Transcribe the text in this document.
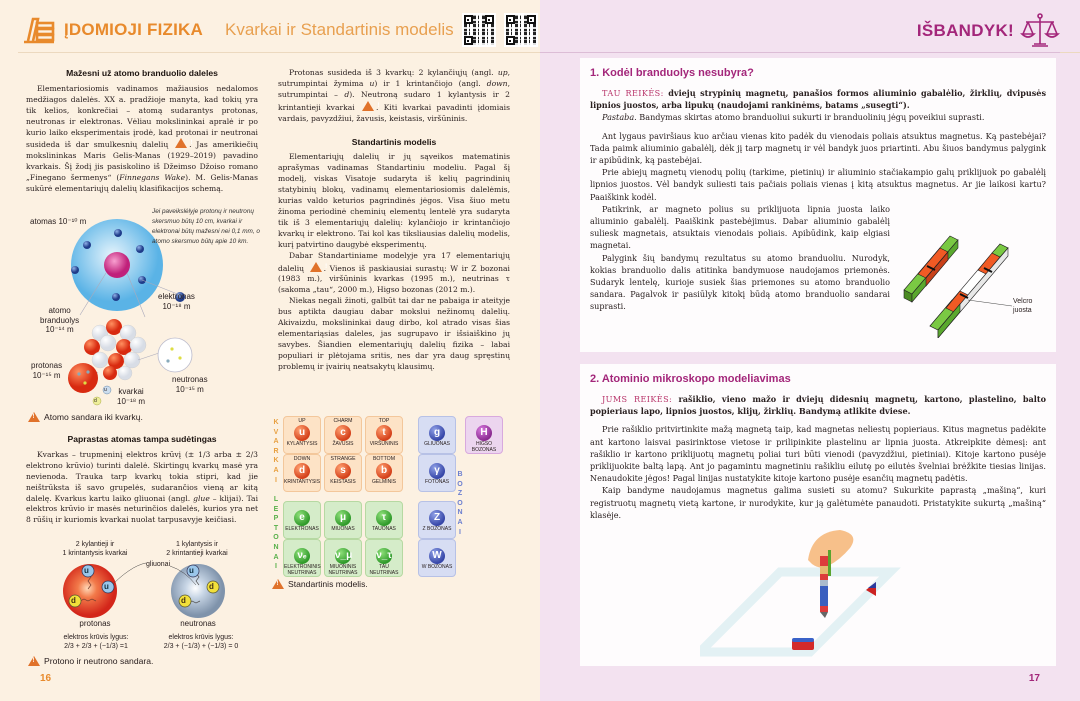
ĮDOMIOJI FIZIKA Kvarkai ir Standartinis modelis	IŠBANDYK!
Mažesni už atomo branduolio daleles

Elementariosiomis vadinamos mažiausios nedalomos medžiagos dalelės. XX a. pradžioje manyta, kad tokių yra tik kelios, konkrečiai – atomą sudarantys protonas, neutronas ir elektronas. Vėliau mokslininkai apralė ir po kurio laiko eksperimentais įrodė, kad protonai ir neutronai susideda iš dar smulkesnių dalelių !	. Jas amerikiečių mokslininkas Maris Gelis-Manas (1929–2019) pavadino kvarkais. Šį žodį jis pasiskolino iš Džeimso Džoiso romano „Finegano šermenys“ (Finnegans Wake). M. Gelis-Manas sukūrė elementariųjų dalelių klasifikacijos schemą.

Jei paveikslėlyje protonų ir neutronų skersmuo būtų 10 cm, kvarkai ir elektronai būtų mažesni nei 0,1 mm, o atomo skersmuo būtų apie 10 km.
atomas 10⁻¹⁰ m
elektronas
10⁻¹⁸ m
atomo
branduolys
10⁻¹⁴ m
protonas
10⁻¹⁵ m	neutronas
10⁻¹⁵ m
kvarkai
10⁻¹⁸ m
u
d
!
Atomo sandara iki kvarkų.
Paprastas atomas tampa sudėtingas

Kvarkas – trupmeninį elektros krūvį (± 1/3 arba ± 2/3 elektrono krūvio) turinti dalelė. Skirtingų kvarkų masė yra nevienoda. Trauka tarp kvarkų tokia stipri, kad jie neištrūksta iš savo grupelės, sudarančios vieną ar kitą dalelę. Kvarkus kartu laiko gliuonai (angl. glue – klijai). Tai elektros krūvio ir masės neturinčios dalelės, kurios yra net 8 rūšių ir kuriomis kvarkai nuolat tarpusavyje keičiasi.

2 kylantieji ir
1 krintantysis kvarkai
1 kylantysis ir
2 krintantieji kvarkai
u
u
d
u
d
d
gliuonai
protonas	neutronas
elektros krūvis lygus:
2/3 + 2/3 + (−1/3) =1
elektros krūvis lygus:
2/3 + (−1/3) + (−1/3) = 0
!
Protono ir neutrono sandara.
16

Protonas susideda iš 3 kvarkų: 2 kylančiųjų (angl. up, sutrumpintai žymima u) ir 1 krintančiojo (angl. down, sutrumpintai – d). Neutroną sudaro 1 kylantysis ir 2 krintantieji kvarkai !	. Kiti kvarkai pavadinti įdomiais vardais, pavyzdžiui, žavusis, keistasis, viršūninis.

Standartinis modelis

Elementariųjų dalelių ir jų sąveikos matematinis aprašymas vadinamas Standartiniu modeliu. Pagal šį modelį, viskas Visatoje sudaryta iš kelių pagrindinių statybinių blokų, vadinamų elementariosiomis dalelėmis, kurias valdo keturios pagrindinės jėgos. Visa šiuo metu žinoma periodinė cheminių elementų lentelė yra sudaryta tik iš 3 elementariųjų dalelių: kylančiojo ir krintančiojo kvarkų ir elektrono. Tai kol kas tiksliausias dalelių modelis, kurį patvirtino daugybė eksperimentų.

Dabar Standartiniame modelyje yra 17 elementariųjų dalelių !	. Vienos iš paskiausiai surastų: W ir Z bozonai (1983 m.), viršūninis kvarkas (1995 m.), neutrinas τ (sakoma „tau“, 2000 m.), Higso bozonas (2012 m.).

Niekas negali žinoti, galbūt tai dar ne pabaiga ir ateityje bus aptikta daugiau dabar mokslui nežinomų dalelių. Akivaizdu, mokslininkai daug dirbo, kol atrado visas šias elementariąsias daleles, jas sugrupavo ir išsiaiškino jų savybes. Šiandien elementariųjų dalelių fizika – labai populiari ir plėtojama sritis, nes dar yra daug spręstinų problemų ir įvairių neatsakytų klausimų.

UP
u
KYLANTYSIS
CHARM
c
ŽAVUSIS
TOP
t
VIRŠŪNINIS
DOWN
d
KRINTANTYSIS
STRANGE
s
KEISTASIS
BOTTOM
b
GELMINIS
e
ELEKTRONAS
μ
MIUONAS
τ
TAUONAS
νₑ
ELEKTRONINIS NEUTRINAS
ν_μ
MIUONINIS NEUTRINAS
ν_τ
TAU NEUTRINAS
g
GLIUONAS
γ
FOTONAS
Z
Z BOZONAS
W
W BOZONAS
H
HIGSO BOZONAS
K
V
A
R
K
A
I
L
E
P
T
O
N
A
I
B
O
Z
O
N
A
I
!
Standartinis modelis.
1. Kodėl branduolys nesubyra?

TAU REIKĖS: dviejų strypinių magnetų, panašios formos aliuminio gabalėlio, žirklių, dvipusės lipnios juostos, arba lipukų (naudojami rankinėms, batams „susegti“).

Pastaba. Bandymas skirtas atomo branduoliui sukurti ir branduolinių jėgų poveikiui suprasti.

Ant lygaus paviršiaus kuo arčiau vienas kito padėk du vienodais poliais atsuktus magnetus. Ką pastebėjai? Tada paimk aliuminio gabalėlį, dėk jį tarp magnetų ir vėl bandyk juos priartinti. Abu šiuos bandymus palygink ir apibūdink, ką pastebėjai.

Prie abiejų magnetų vienodų polių (tarkime, pietinių) ir aliuminio stačiakampio galų priklijuok po gabalėlį lipnios juostos. Vėl bandyk suliesti tais pačiais poliais vienas į kitą atsuktus magnetus. Ar jie laikosi kartu? Paaiškink kodėl.

Patikrink, ar magneto polius su priklijuota lipnia juosta laiko aliuminio gabalėlį. Paaiškink pastebėjimus. Dabar aliuminio gabalėlį suliesk magnetais, atsuktais vienodais poliais. Apibūdink, kaip elgiasi magnetai.

Palygink šių bandymų rezultatus su atomo branduoliu. Nurodyk, kokias branduolio dalis atitinka bandymuose naudojamos priemonės. Sudaryk lentelę, kurioje susiek šias priemones su atomo branduolio sandara. Pagalvok ir pasiūlyk kitokį būdą atomo branduolio sandarai suprasti.	Velcro
juosta
2. Atominio mikroskopo modeliavimas

JUMS REIKĖS: rašiklio, vieno mažo ir dviejų didesnių magnetų, kartono, plastelino, balto popieriaus lapo, lipnios juostos, klijų, žirklių. Bandymą atlikite dviese.

Prie rašiklio pritvirtinkite mažą magnetą taip, kad magnetas neliestų popieriaus. Kitus magnetus padėkite ant kartono laisvai pasirinktose vietose ir prilipinkite plastelinu ar lipnia juosta. Atkreipkite dėmesį: ant rašiklio ir kartono priklijuotų magnetų poliai turi būti vienodi (pavyzdžiui, pietiniai). Kitoje kartono pusėje priklijuokite baltą lapą. Ant jo pagamintu magnetiniu rašikliu eilutę po eilutės švelniai brėžkite tiesias linijas. Nenaudokite jėgos! Pagal linijas nustatykite kitoje kartono pusėje esančių magnetų padėtis.

Kaip bandyme naudojamus magnetus galima susieti su atomu? Sukurkite paprastą „mašiną“, kuri registruotų magnetų vietą kartone, ir nurodykite, kur ją galėtumėte panaudoti. Pristatykite sukurtą „mašiną“ klasėje.

17
